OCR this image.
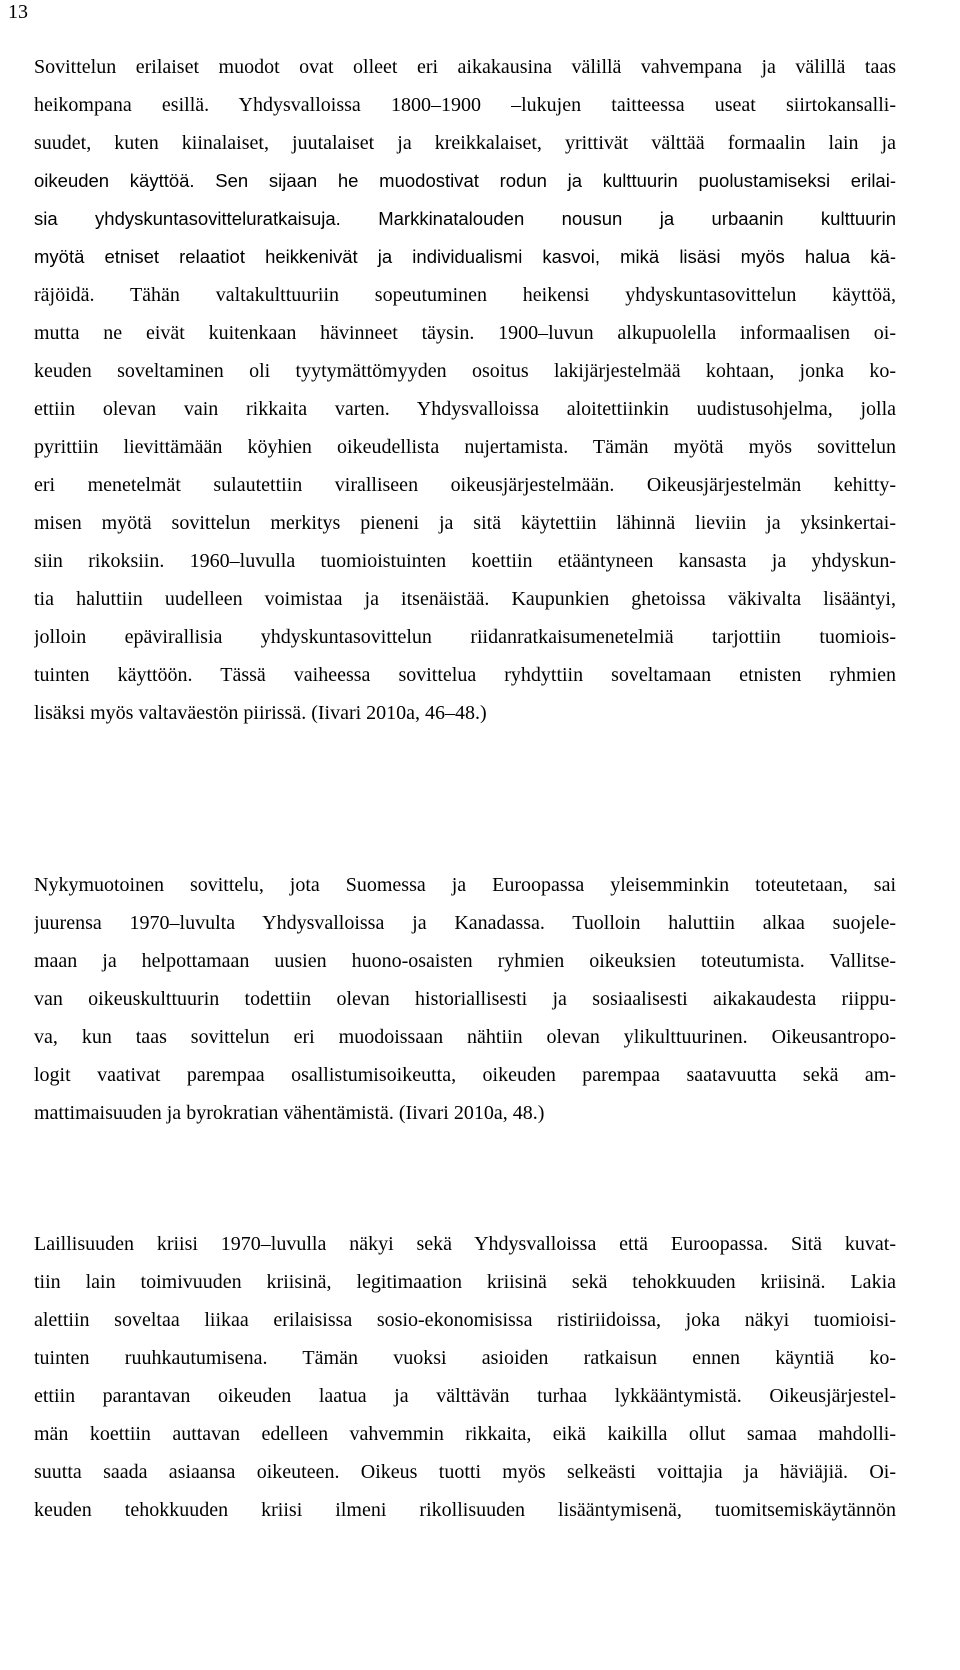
13
Sovittelun erilaiset muodot ovat olleet eri aikakausina välillä vahvempana ja välillä taas
heikompana esillä. Yhdysvalloissa 1800–1900 –lukujen taitteessa useat siirtokansalli-
suudet, kuten kiinalaiset, juutalaiset ja kreikkalaiset, yrittivät välttää formaalin lain ja
oikeuden käyttöä. Sen sijaan he muodostivat rodun ja kulttuurin puolustamiseksi erilai-
sia yhdyskuntasovitteluratkaisuja. Markkinatalouden nousun ja urbaanin kulttuurin
myötä etniset relaatiot heikkenivät ja individualismi kasvoi, mikä lisäsi myös halua kä-
räjöidä. Tähän valtakulttuuriin sopeutuminen heikensi yhdyskuntasovittelun käyttöä,
mutta ne eivät kuitenkaan hävinneet täysin. 1900–luvun alkupuolella informaalisen oi-
keuden soveltaminen oli tyytymättömyyden osoitus lakijärjestelmää kohtaan, jonka ko-
ettiin olevan vain rikkaita varten. Yhdysvalloissa aloitettiinkin uudistusohjelma, jolla
pyrittiin lievittämään köyhien oikeudellista nujertamista. Tämän myötä myös sovittelun
eri menetelmät sulautettiin viralliseen oikeusjärjestelmään. Oikeusjärjestelmän kehitty-
misen myötä sovittelun merkitys pieneni ja sitä käytettiin lähinnä lieviin ja yksinkertai-
siin rikoksiin. 1960–luvulla tuomioistuinten koettiin etääntyneen kansasta ja yhdyskun-
tia haluttiin uudelleen voimistaa ja itsenäistää. Kaupunkien ghetoissa väkivalta lisääntyi,
jolloin epävirallisia yhdyskuntasovittelun riidanratkaisumenetelmiä tarjottiin tuomiois-
tuinten käyttöön. Tässä vaiheessa sovittelua ryhdyttiin soveltamaan etnisten ryhmien
lisäksi myös valtaväestön piirissä. (Iivari 2010a, 46–48.)
Nykymuotoinen sovittelu, jota Suomessa ja Euroopassa yleisemminkin toteutetaan, sai
juurensa 1970–luvulta Yhdysvalloissa ja Kanadassa. Tuolloin haluttiin alkaa suojele-
maan ja helpottamaan uusien huono-osaisten ryhmien oikeuksien toteutumista. Vallitse-
van oikeuskulttuurin todettiin olevan historiallisesti ja sosiaalisesti aikakaudesta riippu-
va, kun taas sovittelun eri muodoissaan nähtiin olevan ylikulttuurinen. Oikeusantropo-
logit vaativat parempaa osallistumisoikeutta, oikeuden parempaa saatavuutta sekä am-
mattimaisuuden ja byrokratian vähentämistä. (Iivari 2010a, 48.)
Laillisuuden kriisi 1970–luvulla näkyi sekä Yhdysvalloissa että Euroopassa. Sitä kuvat-
tiin lain toimivuuden kriisinä, legitimaation kriisinä sekä tehokkuuden kriisinä. Lakia
alettiin soveltaa liikaa erilaisissa sosio-ekonomisissa ristiriidoissa, joka näkyi tuomioisi-
tuinten ruuhkautumisena. Tämän vuoksi asioiden ratkaisun ennen käyntiä ko-
ettiin parantavan oikeuden laatua ja välttävän turhaa lykkääntymistä. Oikeusjärjestel-
män koettiin auttavan edelleen vahvemmin rikkaita, eikä kaikilla ollut samaa mahdolli-
suutta saada asiaansa oikeuteen. Oikeus tuotti myös selkeästi voittajia ja häviäjiä. Oi-
keuden tehokkuuden kriisi ilmeni rikollisuuden lisääntymisenä, tuomitsemiskäytännön
